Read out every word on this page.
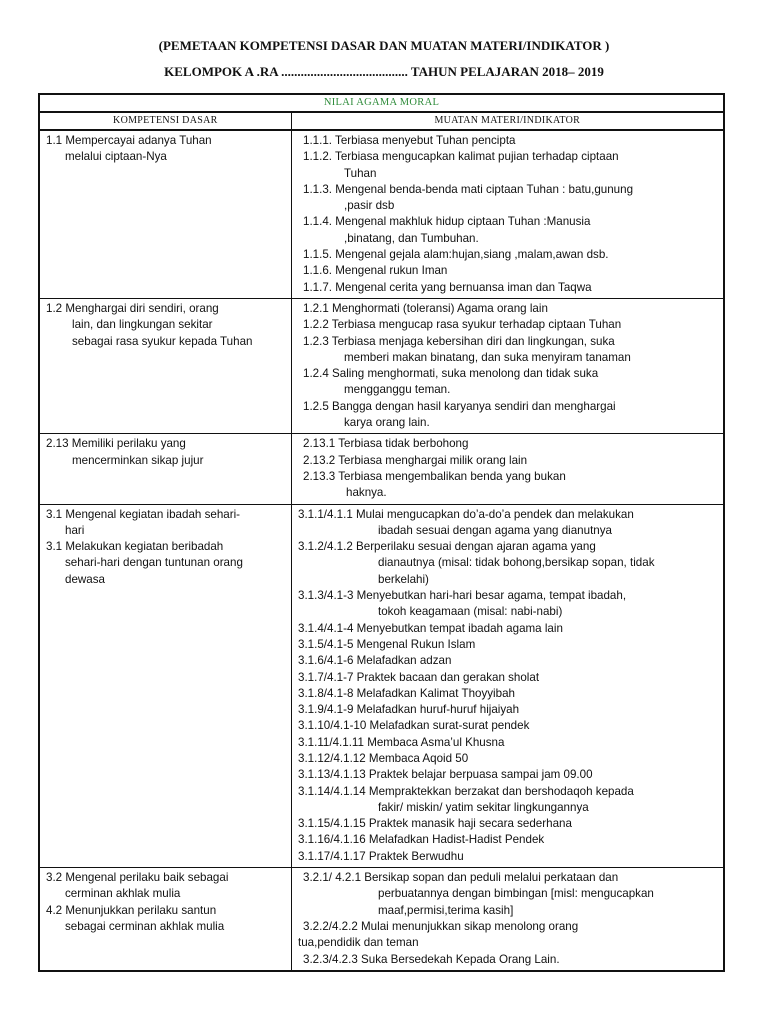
(PEMETAAN KOMPETENSI DASAR DAN MUATAN MATERI/INDIKATOR )
KELOMPOK A .RA ....................................... TAHUN PELAJARAN 2018– 2019
NILAI AGAMA MORAL
KOMPETENSI DASAR	MUATAN MATERI/INDIKATOR
1.1 Mempercayai adanya Tuhan
melalui ciptaan-Nya
1.1.1. Terbiasa menyebut Tuhan pencipta
1.1.2. Terbiasa mengucapkan kalimat pujian terhadap ciptaan
Tuhan
1.1.3. Mengenal benda-benda mati ciptaan Tuhan : batu,gunung
,pasir dsb
1.1.4. Mengenal makhluk hidup ciptaan Tuhan :Manusia
,binatang, dan Tumbuhan.
1.1.5. Mengenal gejala alam:hujan,siang ,malam,awan dsb.
1.1.6. Mengenal rukun Iman
1.1.7. Mengenal cerita yang bernuansa iman dan Taqwa
1.2 Menghargai diri sendiri, orang
lain, dan lingkungan sekitar
sebagai rasa syukur kepada Tuhan
1.2.1 Menghormati (toleransi) Agama orang lain
1.2.2 Terbiasa mengucap rasa syukur terhadap ciptaan Tuhan
1.2.3 Terbiasa menjaga kebersihan diri dan lingkungan, suka
memberi makan binatang, dan suka menyiram tanaman
1.2.4 Saling menghormati, suka menolong dan tidak suka
mengganggu teman.
1.2.5 Bangga dengan hasil karyanya sendiri dan menghargai
karya orang lain.
2.13 Memiliki perilaku yang
mencerminkan sikap jujur
2.13.1 Terbiasa tidak berbohong
2.13.2 Terbiasa menghargai milik orang lain
2.13.3 Terbiasa mengembalikan benda yang bukan
haknya.
3.1 Mengenal kegiatan ibadah sehari-
hari
3.1 Melakukan kegiatan beribadah
sehari-hari dengan tuntunan orang
dewasa
3.1.1/4.1.1 Mulai mengucapkan do’a-do’a pendek dan melakukan
ibadah sesuai dengan agama yang dianutnya
3.1.2/4.1.2 Berperilaku sesuai dengan ajaran agama yang
dianautnya (misal: tidak bohong,bersikap sopan, tidak
berkelahi)
3.1.3/4.1-3 Menyebutkan hari-hari besar agama, tempat ibadah,
tokoh keagamaan (misal: nabi-nabi)
3.1.4/4.1-4 Menyebutkan tempat ibadah agama lain
3.1.5/4.1-5 Mengenal Rukun Islam
3.1.6/4.1-6 Melafadkan adzan
3.1.7/4.1-7 Praktek bacaan dan gerakan sholat
3.1.8/4.1-8 Melafadkan Kalimat Thoyyibah
3.1.9/4.1-9 Melafadkan huruf-huruf hijaiyah
3.1.10/4.1-10 Melafadkan surat-surat pendek
3.1.11/4.1.11 Membaca Asma’ul Khusna
3.1.12/4.1.12 Membaca Aqoid 50
3.1.13/4.1.13 Praktek belajar berpuasa sampai jam 09.00
3.1.14/4.1.14 Mempraktekkan berzakat dan bershodaqoh kepada
fakir/ miskin/ yatim sekitar lingkungannya
3.1.15/4.1.15 Praktek manasik haji secara sederhana
3.1.16/4.1.16 Melafadkan Hadist-Hadist Pendek
3.1.17/4.1.17 Praktek Berwudhu
3.2 Mengenal perilaku baik sebagai
cerminan akhlak mulia
4.2 Menunjukkan perilaku santun
sebagai cerminan akhlak mulia
3.2.1/ 4.2.1 Bersikap sopan dan peduli melalui perkataan dan
perbuatannya dengan bimbingan [misl: mengucapkan
maaf,permisi,terima kasih]
3.2.2/4.2.2 Mulai menunjukkan sikap menolong orang
tua,pendidik dan teman
3.2.3/4.2.3 Suka Bersedekah Kepada Orang Lain.
